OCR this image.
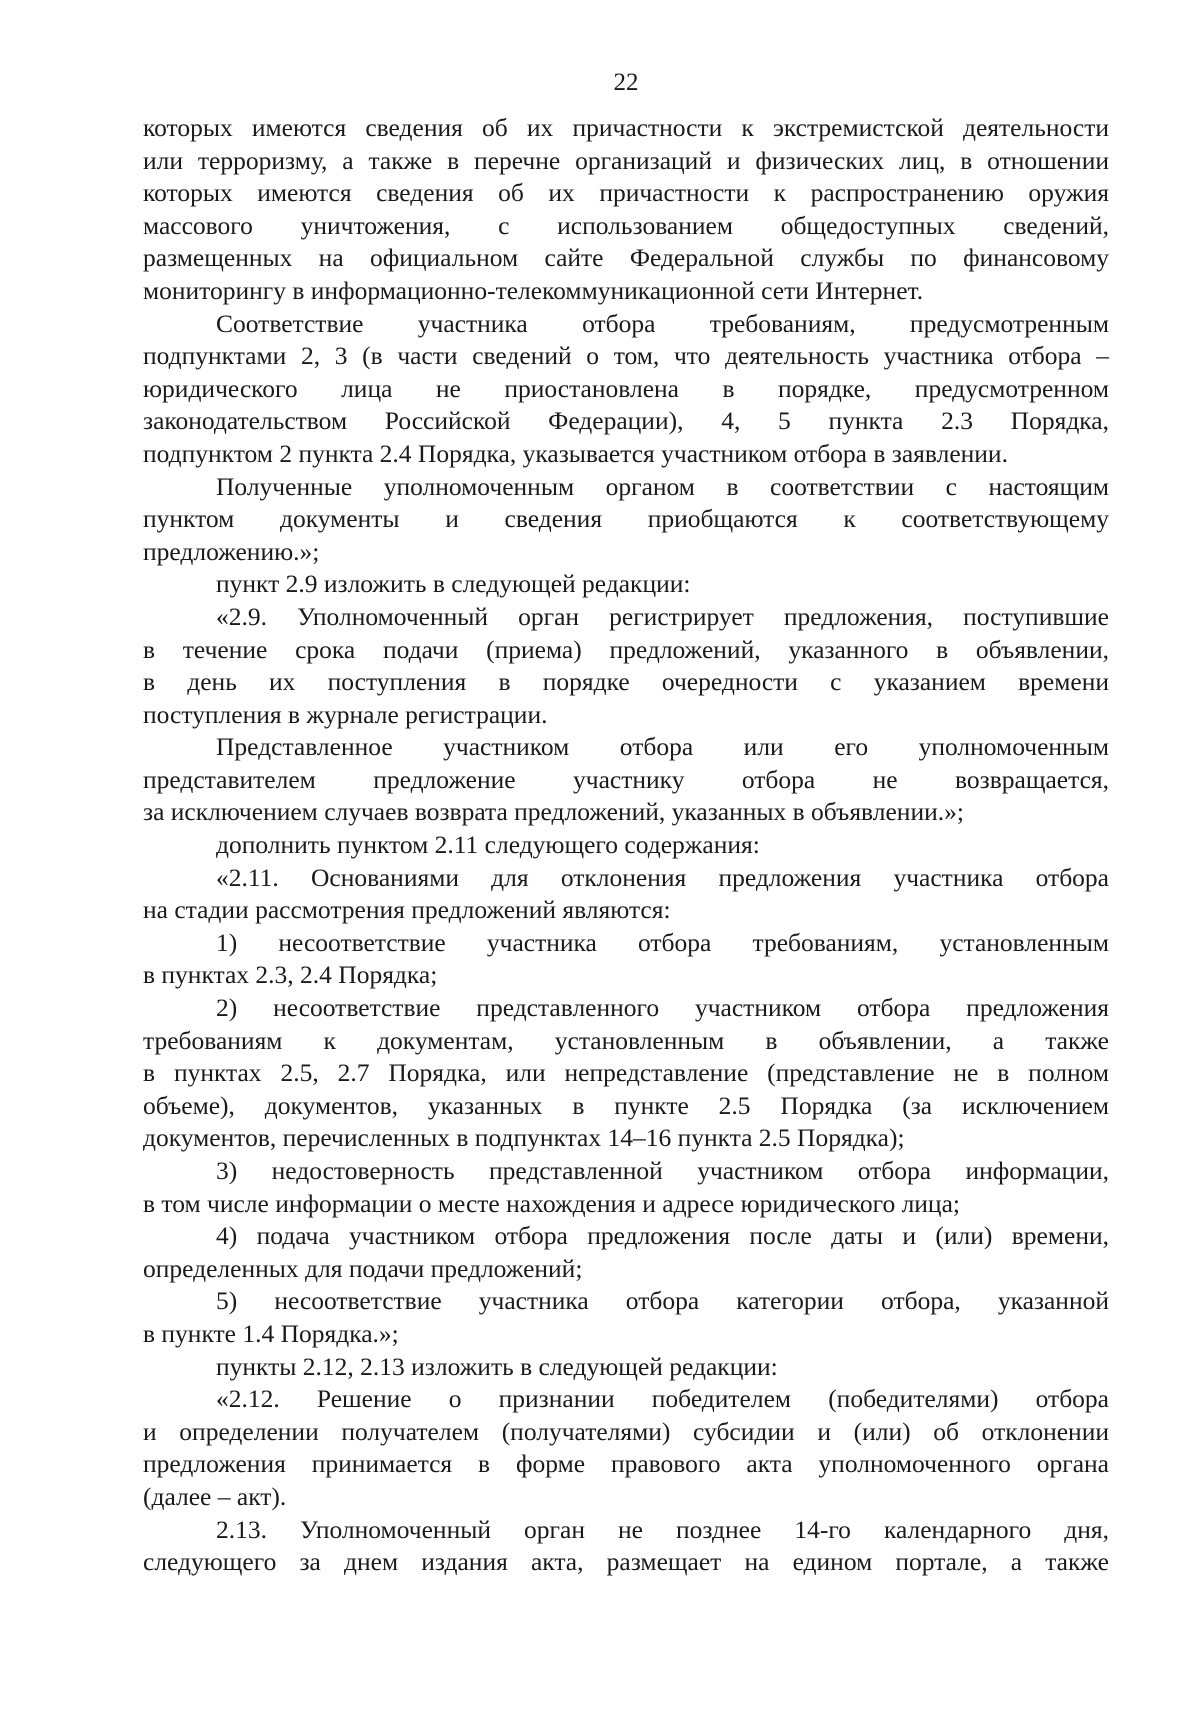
22
которых имеются сведения об их причастности к экстремистской деятельности
или терроризму, а также в перечне организаций и физических лиц, в отношении
которых имеются сведения об их причастности к распространению оружия
массового уничтожения, с использованием общедоступных сведений,
размещенных на официальном сайте Федеральной службы по финансовому
мониторингу в информационно-телекоммуникационной сети Интернет.
Соответствие участника отбора требованиям, предусмотренным
подпунктами 2, 3 (в части сведений о том, что деятельность участника отбора –
юридического лица не приостановлена в порядке, предусмотренном
законодательством Российской Федерации), 4, 5 пункта 2.3 Порядка,
подпунктом 2 пункта 2.4 Порядка, указывается участником отбора в заявлении.
Полученные уполномоченным органом в соответствии с настоящим
пунктом документы и сведения приобщаются к соответствующему
предложению.»;
пункт 2.9 изложить в следующей редакции:
«2.9. Уполномоченный орган регистрирует предложения, поступившие
в течение срока подачи (приема) предложений, указанного в объявлении,
в день их поступления в порядке очередности с указанием времени
поступления в журнале регистрации.
Представленное участником отбора или его уполномоченным
представителем предложение участнику отбора не возвращается,
за исключением случаев возврата предложений, указанных в объявлении.»;
дополнить пунктом 2.11 следующего содержания:
«2.11. Основаниями для отклонения предложения участника отбора
на стадии рассмотрения предложений являются:
1) несоответствие участника отбора требованиям, установленным
в пунктах 2.3, 2.4 Порядка;
2) несоответствие представленного участником отбора предложения
требованиям к документам, установленным в объявлении, а также
в пунктах 2.5, 2.7 Порядка, или непредставление (представление не в полном
объеме), документов, указанных в пункте 2.5 Порядка (за исключением
документов, перечисленных в подпунктах 14–16 пункта 2.5 Порядка);
3) недостоверность представленной участником отбора информации,
в том числе информации о месте нахождения и адресе юридического лица;
4) подача участником отбора предложения после даты и (или) времени,
определенных для подачи предложений;
5) несоответствие участника отбора категории отбора, указанной
в пункте 1.4 Порядка.»;
пункты 2.12, 2.13 изложить в следующей редакции:
«2.12. Решение о признании победителем (победителями) отбора
и определении получателем (получателями) субсидии и (или) об отклонении
предложения принимается в форме правового акта уполномоченного органа
(далее – акт).
2.13. Уполномоченный орган не позднее 14-го календарного дня,
следующего за днем издания акта, размещает на едином портале, а также
